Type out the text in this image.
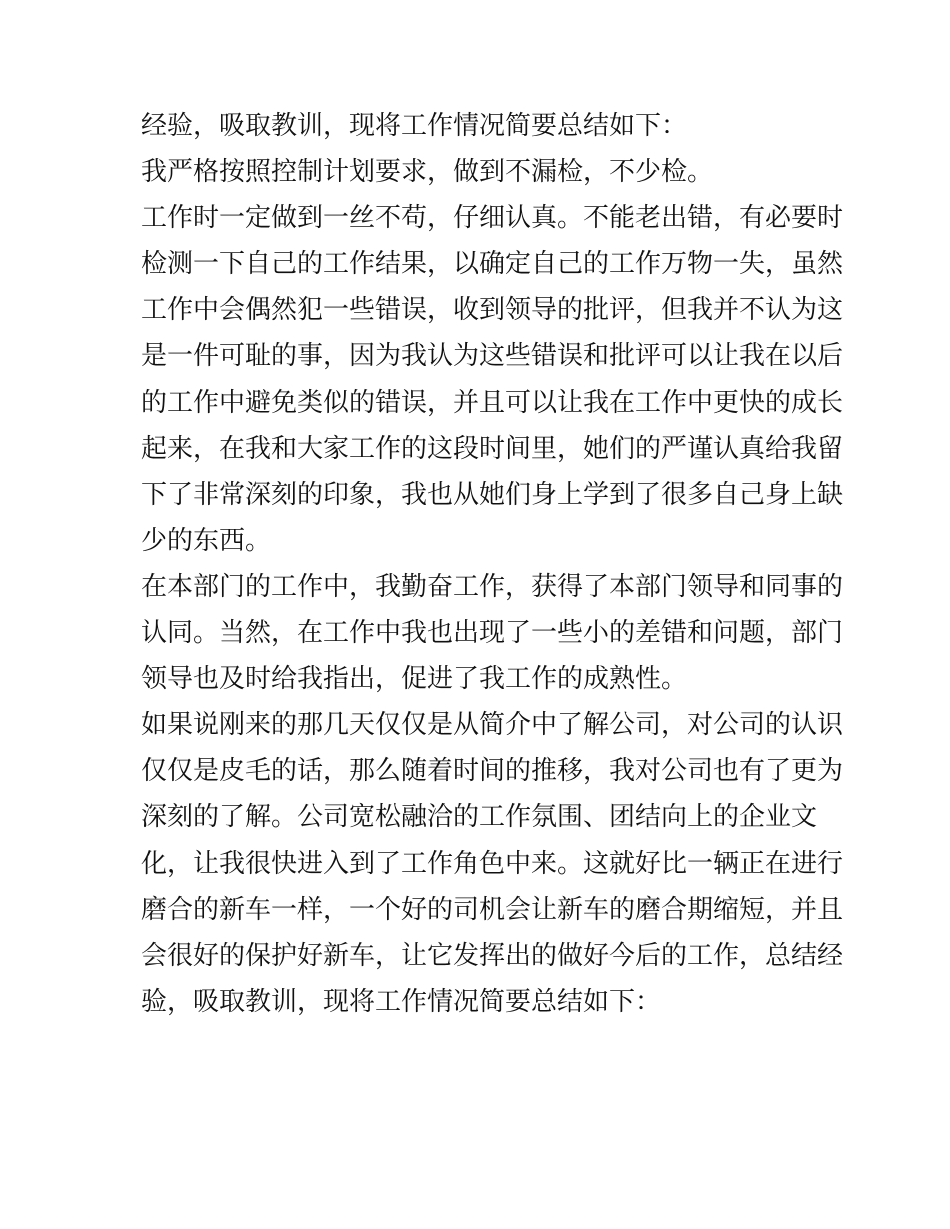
经验，吸取教训，现将工作情况简要总结如下：
我严格按照控制计划要求，做到不漏检，不少检。
工作时一定做到一丝不苟，仔细认真。不能老出错，有必要时
检测一下自己的工作结果，以确定自己的工作万物一失，虽然
工作中会偶然犯一些错误，收到领导的批评，但我并不认为这
是一件可耻的事，因为我认为这些错误和批评可以让我在以后
的工作中避免类似的错误，并且可以让我在工作中更快的成长
起来，在我和大家工作的这段时间里，她们的严谨认真给我留
下了非常深刻的印象，我也从她们身上学到了很多自己身上缺
少的东西。
在本部门的工作中，我勤奋工作，获得了本部门领导和同事的
认同。当然，在工作中我也出现了一些小的差错和问题，部门
领导也及时给我指出，促进了我工作的成熟性。
如果说刚来的那几天仅仅是从简介中了解公司，对公司的认识
仅仅是皮毛的话，那么随着时间的推移，我对公司也有了更为
深刻的了解。公司宽松融洽的工作氛围、团结向上的企业文
化，让我很快进入到了工作角色中来。这就好比一辆正在进行
磨合的新车一样，一个好的司机会让新车的磨合期缩短，并且
会很好的保护好新车，让它发挥出的做好今后的工作，总结经
验，吸取教训，现将工作情况简要总结如下：
